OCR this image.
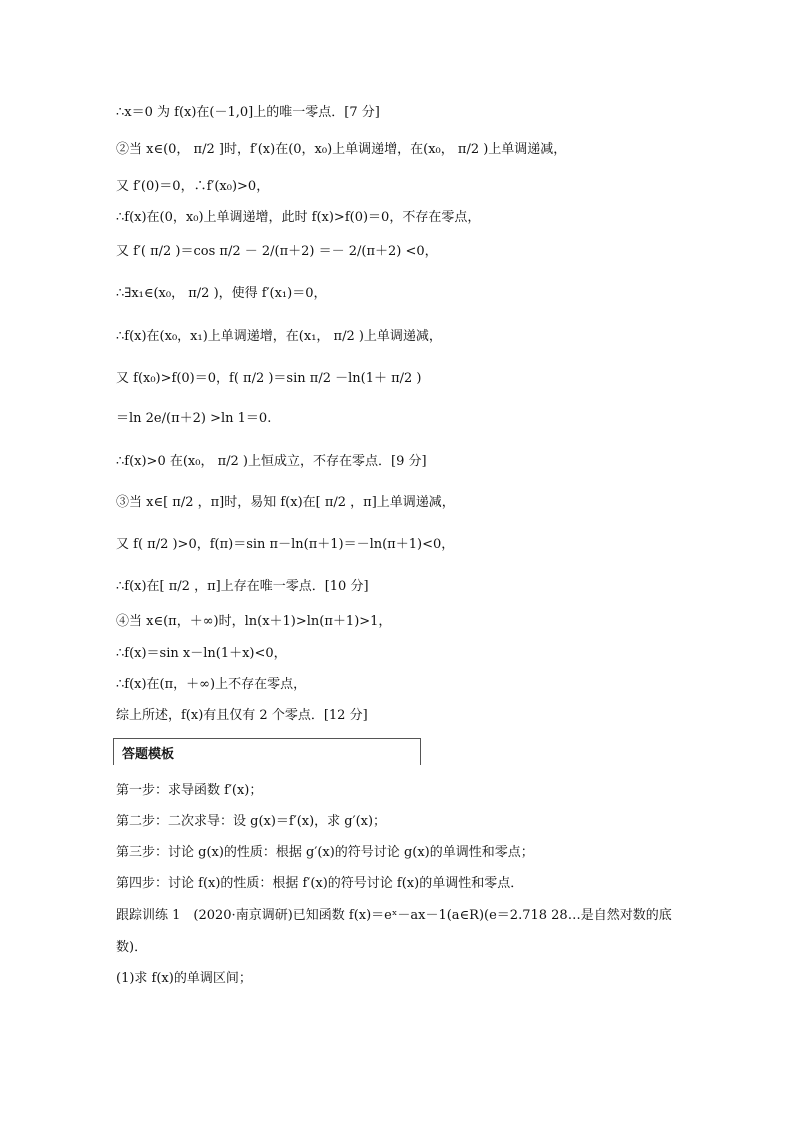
∴x＝0 为 f(x)在(－1,0]上的唯一零点．[7 分]
②当 x∈(0， π/2 ]时，f′(x)在(0，x₀)上单调递增，在(x₀， π/2 )上单调递减，
又 f′(0)＝0，∴f′(x₀)>0，
∴f(x)在(0，x₀)上单调递增，此时 f(x)>f(0)＝0，不存在零点，
又 f′( π/2 )＝cos π/2 － 2/(π＋2) ＝－ 2/(π＋2) <0，
∴∃x₁∈(x₀， π/2 )，使得 f′(x₁)＝0，
∴f(x)在(x₀，x₁)上单调递增，在(x₁， π/2 )上单调递减，
又 f(x₀)>f(0)＝0，f( π/2 )＝sin π/2 －ln(1＋ π/2 )
＝ln 2e/(π＋2) >ln 1＝0.
∴f(x)>0 在(x₀， π/2 )上恒成立，不存在零点．[9 分]
③当 x∈[ π/2 ，π]时，易知 f(x)在[ π/2 ，π]上单调递减，
又 f( π/2 )>0，f(π)＝sin π－ln(π＋1)＝－ln(π＋1)<0，
∴f(x)在[ π/2 ，π]上存在唯一零点．[10 分]
④当 x∈(π，＋∞)时，ln(x＋1)>ln(π＋1)>1，
∴f(x)＝sin x－ln(1＋x)<0，
∴f(x)在(π，＋∞)上不存在零点，
综上所述，f(x)有且仅有 2 个零点．[12 分]
答题模板
第一步：求导函数 f′(x)；
第二步：二次求导：设 g(x)＝f′(x)，求 g′(x)；
第三步：讨论 g(x)的性质：根据 g′(x)的符号讨论 g(x)的单调性和零点；
第四步：讨论 f(x)的性质：根据 f′(x)的符号讨论 f(x)的单调性和零点．
跟踪训练 1　(2020·南京调研)已知函数 f(x)＝eˣ－ax－1(a∈R)(e＝2.718 28…是自然对数的底
数)．
(1)求 f(x)的单调区间；
